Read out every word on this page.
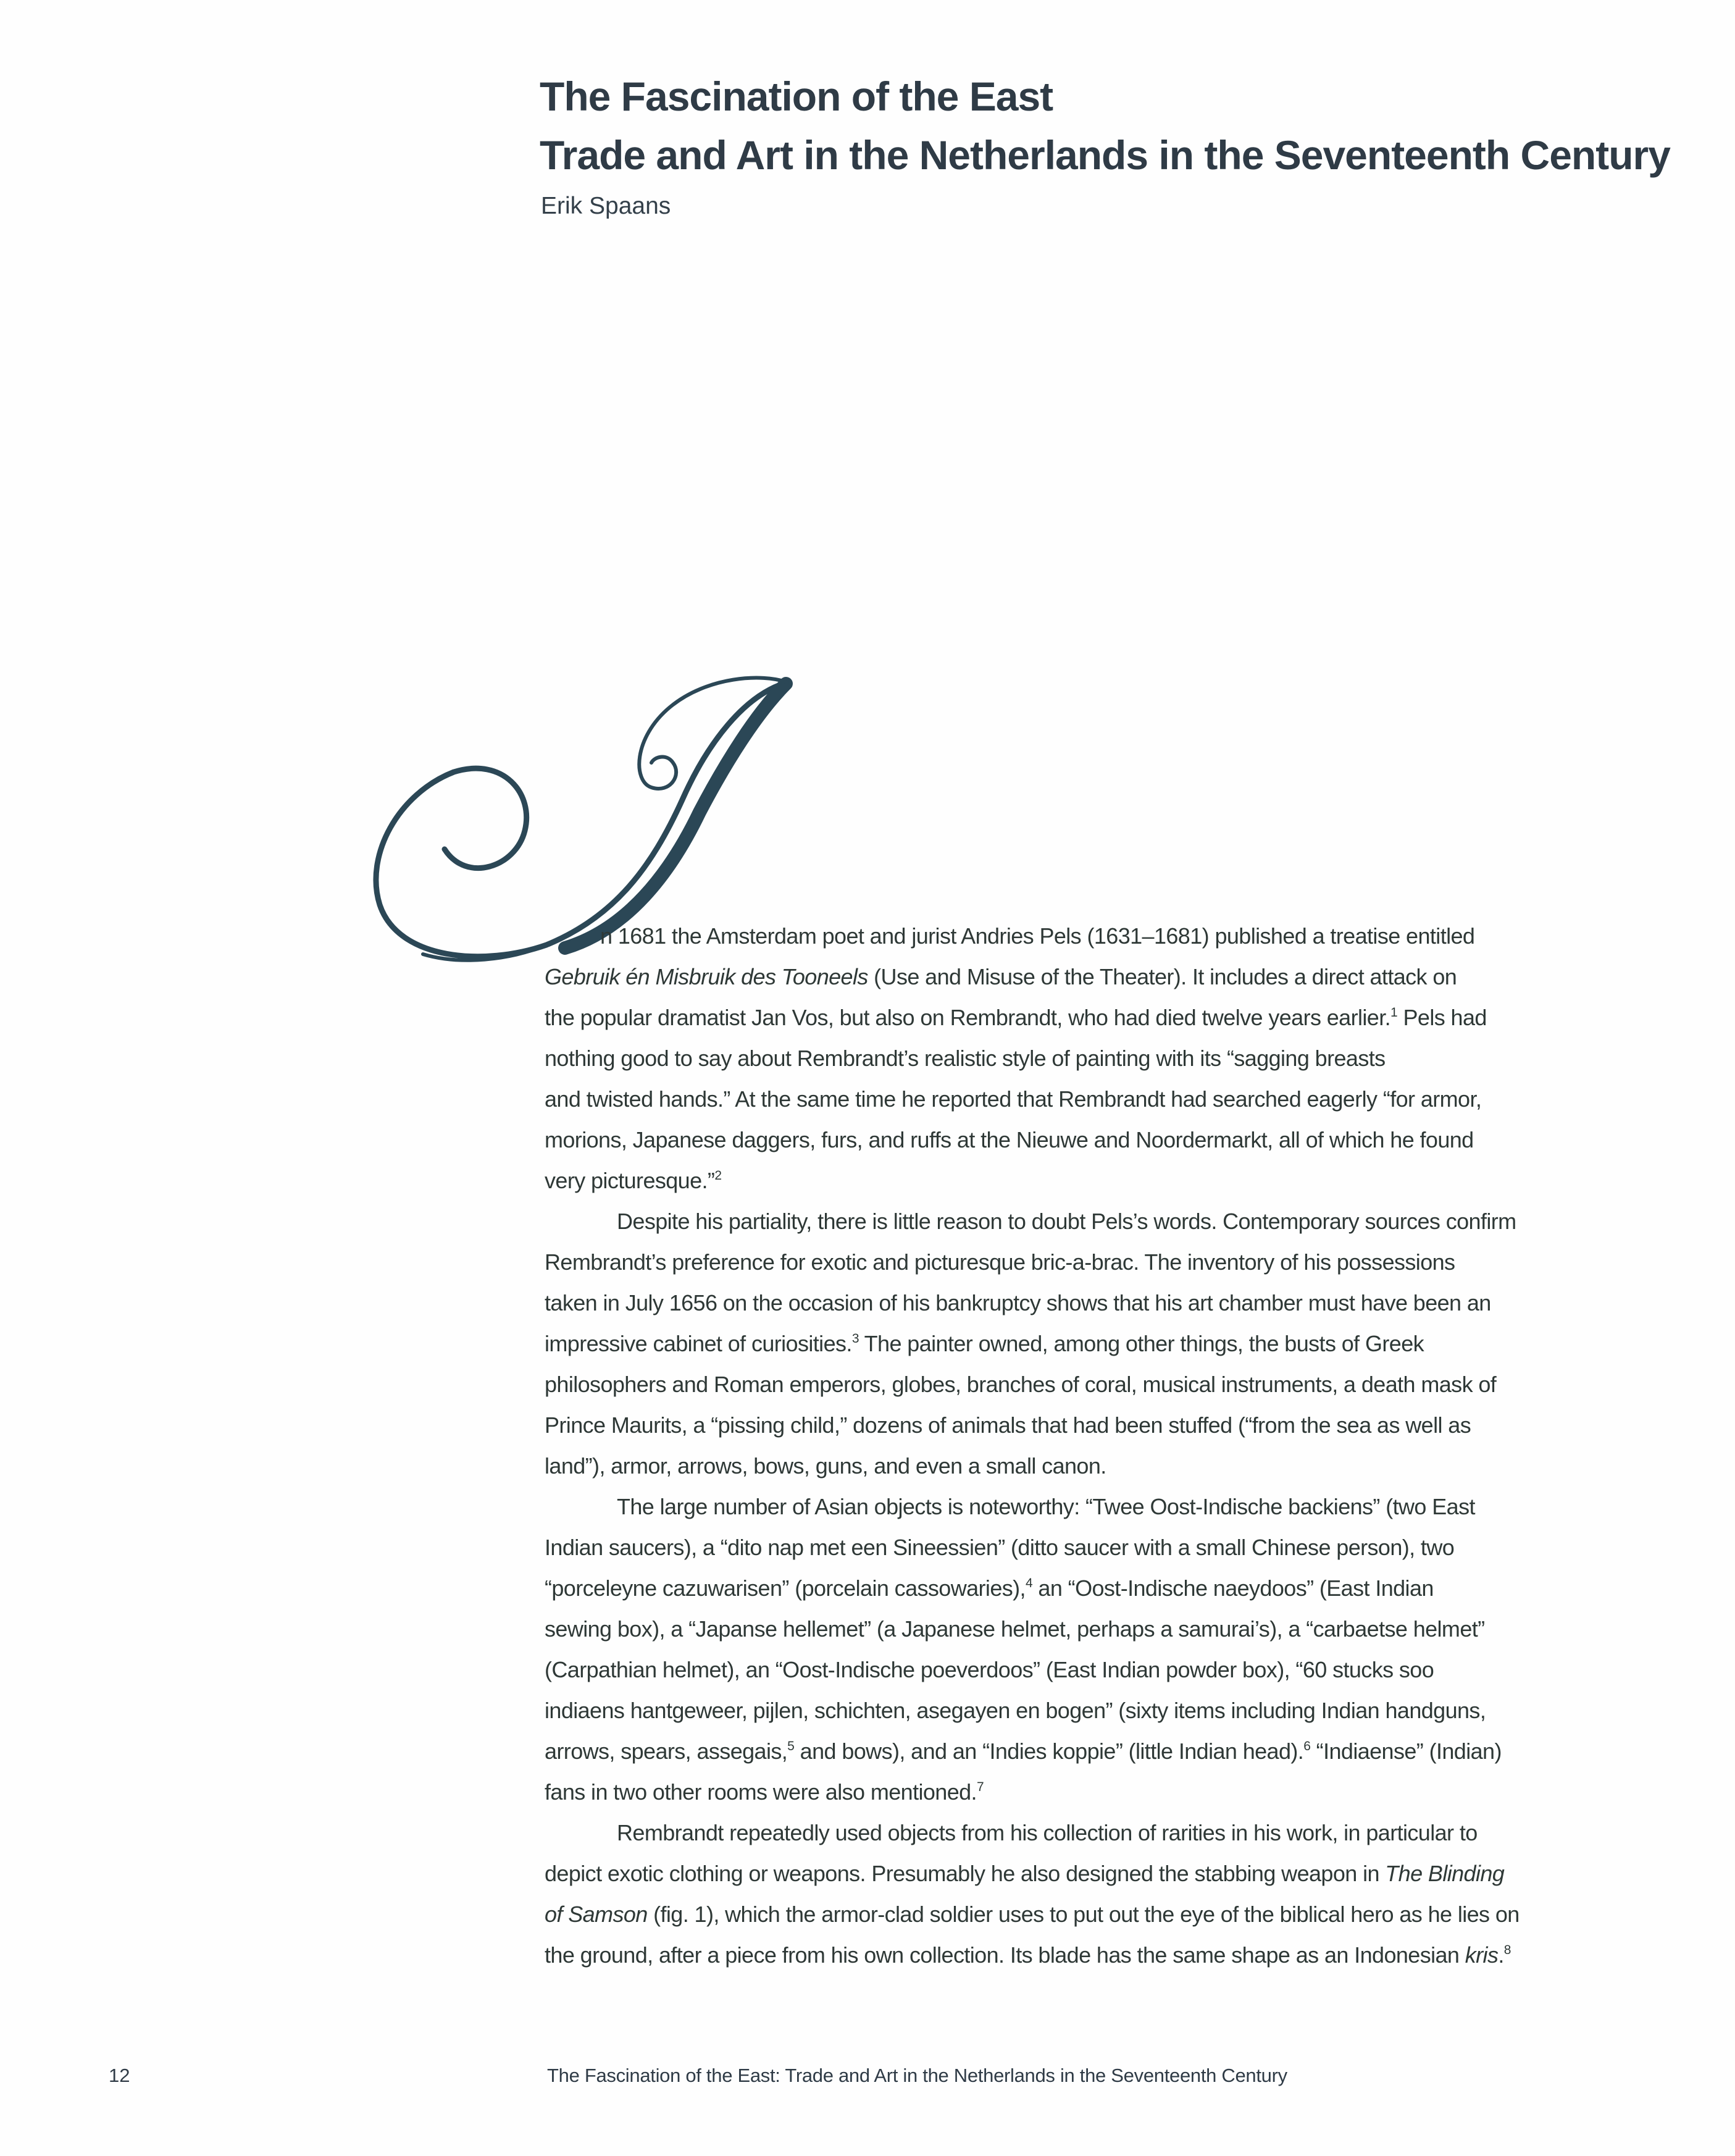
The Fascination of the East
Trade and Art in the Netherlands in the Seventeenth Century
Erik Spaans
n 1681 the Amsterdam poet and jurist Andries Pels (1631–1681) published a treatise entitled
Gebruik én Misbruik des Tooneels (Use and Misuse of the Theater). It includes a direct attack on
the popular dramatist Jan Vos, but also on Rembrandt, who had died twelve years earlier.$^1$ Pels had
nothing good to say about Rembrandt’s realistic style of painting with its “sagging breasts
and twisted hands.” At the same time he reported that Rembrandt had searched eagerly “for armor,
morions, Japanese daggers, furs, and ruffs at the Nieuwe and Noordermarkt, all of which he found
very picturesque.”$^2$
Despite his partiality, there is little reason to doubt Pels’s words. Contemporary sources confirm
Rembrandt’s preference for exotic and picturesque bric-a-brac. The inventory of his possessions
taken in July 1656 on the occasion of his bankruptcy shows that his art chamber must have been an
impressive cabinet of curiosities.$^3$ The painter owned, among other things, the busts of Greek
philosophers and Roman emperors, globes, branches of coral, musical instruments, a death mask of
Prince Maurits, a “pissing child,” dozens of animals that had been stuffed (“from the sea as well as
land”), armor, arrows, bows, guns, and even a small canon.
The large number of Asian objects is noteworthy: “Twee Oost-Indische backiens” (two East
Indian saucers), a “dito nap met een Sineessien” (ditto saucer with a small Chinese person), two
“porceleyne cazuwarisen” (porcelain cassowaries),$^4$ an “Oost-Indische naeydoos” (East Indian
sewing box), a “Japanse hellemet” (a Japanese helmet, perhaps a samurai’s), a “carbaetse helmet”
(Carpathian helmet), an “Oost-Indische poeverdoos” (East Indian powder box), “60 stucks soo
indiaens hantgeweer, pijlen, schichten, asegayen en bogen” (sixty items including Indian handguns,
arrows, spears, assegais,$^5$ and bows), and an “Indies koppie” (little Indian head).$^6$ “Indiaense” (Indian)
fans in two other rooms were also mentioned.$^7$
Rembrandt repeatedly used objects from his collection of rarities in his work, in particular to
depict exotic clothing or weapons. Presumably he also designed the stabbing weapon in The Blinding
of Samson (fig. 1), which the armor-clad soldier uses to put out the eye of the biblical hero as he lies on
the ground, after a piece from his own collection. Its blade has the same shape as an Indonesian kris.$^8$
12	The Fascination of the East: Trade and Art in the Netherlands in the Seventeenth Century
